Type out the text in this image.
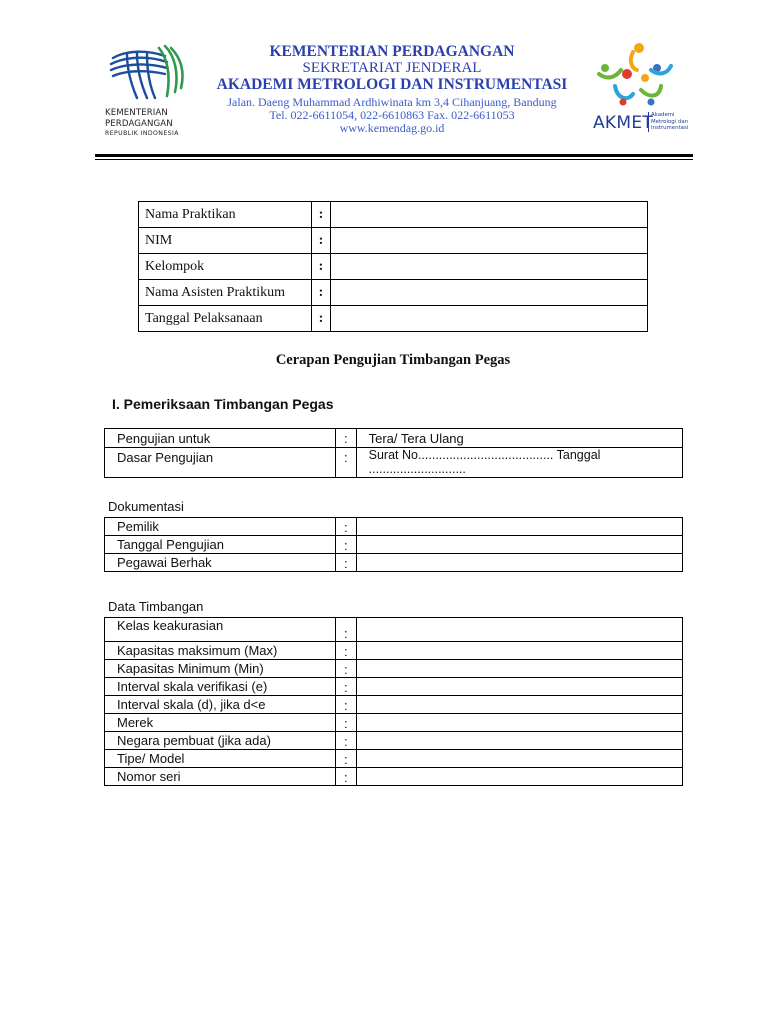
KEMENTERIAN
PERDAGANGAN
REPUBLIK INDONESIA
KEMENTERIAN PERDAGANGAN
SEKRETARIAT JENDERAL
AKADEMI METROLOGI DAN INSTRUMENTASI
Jalan. Daeng Muhammad Ardhiwinata km 3,4 Cihanjuang, Bandung
Tel. 022-6611054, 022-6610863 Fax. 022-6611053
www.kemendag.go.id	AKMET
Akademi
Metrologi dan
Instrumentasi
Nama Praktikan	:	
NIM	:	
Kelompok	:	
Nama Asisten Praktikum	:	
Tanggal Pelaksanaan	:	
Cerapan Pengujian Timbangan Pegas
I. Pemeriksaan Timbangan Pegas
Pengujian untuk	:	Tera/ Tera Ulang
Dasar Pengujian	:	Surat No....................................... Tanggal ............................
Dokumentasi
Pemilik	:	
Tanggal Pengujian	:	
Pegawai Berhak	:	
Data Timbangan
Kelas keakurasian	:	
Kapasitas maksimum (Max)	:	
Kapasitas Minimum (Min)	:	
Interval skala verifikasi (e)	:	
Interval skala (d), jika d<e	:	
Merek	:	
Negara pembuat (jika ada)	:	
Tipe/ Model	:	
Nomor seri	:	
